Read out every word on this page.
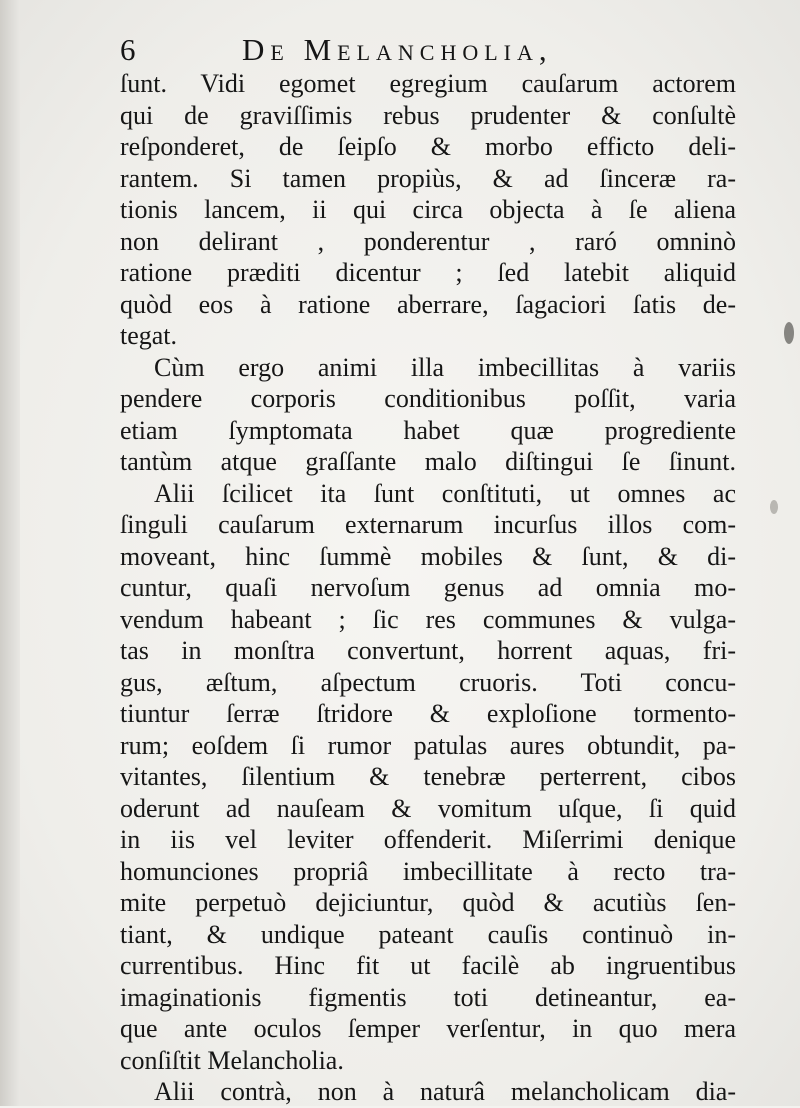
6	De Melancholia,
ſunt. Vidi egomet egregium cauſarum actorem
qui de graviſſimis rebus prudenter & conſultè
reſponderet, de ſeipſo & morbo efficto deli-
rantem. Si tamen propiùs, & ad ſinceræ ra-
tionis lancem, ii qui circa objecta à ſe aliena
non delirant , ponderentur , raró omninò
ratione præditi dicentur ; ſed latebit aliquid
quòd eos à ratione aberrare, ſagaciori ſatis de-
tegat.
Cùm ergo animi illa imbecillitas à variis
pendere corporis conditionibus poſſit, varia
etiam ſymptomata habet quæ progrediente
tantùm atque graſſante malo diſtingui ſe ſinunt.
Alii ſcilicet ita ſunt conſtituti, ut omnes ac
ſinguli cauſarum externarum incurſus illos com-
moveant, hinc ſummè mobiles & ſunt, & di-
cuntur, quaſi nervoſum genus ad omnia mo-
vendum habeant ; ſic res communes & vulga-
tas in monſtra convertunt, horrent aquas, fri-
gus, æſtum, aſpectum cruoris. Toti concu-
tiuntur ſerræ ſtridore & exploſione tormento-
rum; eoſdem ſi rumor patulas aures obtundit, pa-
vitantes, ſilentium & tenebræ perterrent, cibos
oderunt ad nauſeam & vomitum uſque, ſi quid
in iis vel leviter offenderit. Miſerrimi denique
homunciones propriâ imbecillitate à recto tra-
mite perpetuò dejiciuntur, quòd & acutiùs ſen-
tiant, & undique pateant cauſis continuò in-
currentibus. Hinc fit ut facilè ab ingruentibus
imaginationis figmentis toti detineantur, ea-
que ante oculos ſemper verſentur, in quo mera
conſiſtit Melancholia.
Alii contrà, non à naturâ melancholicam dia-
